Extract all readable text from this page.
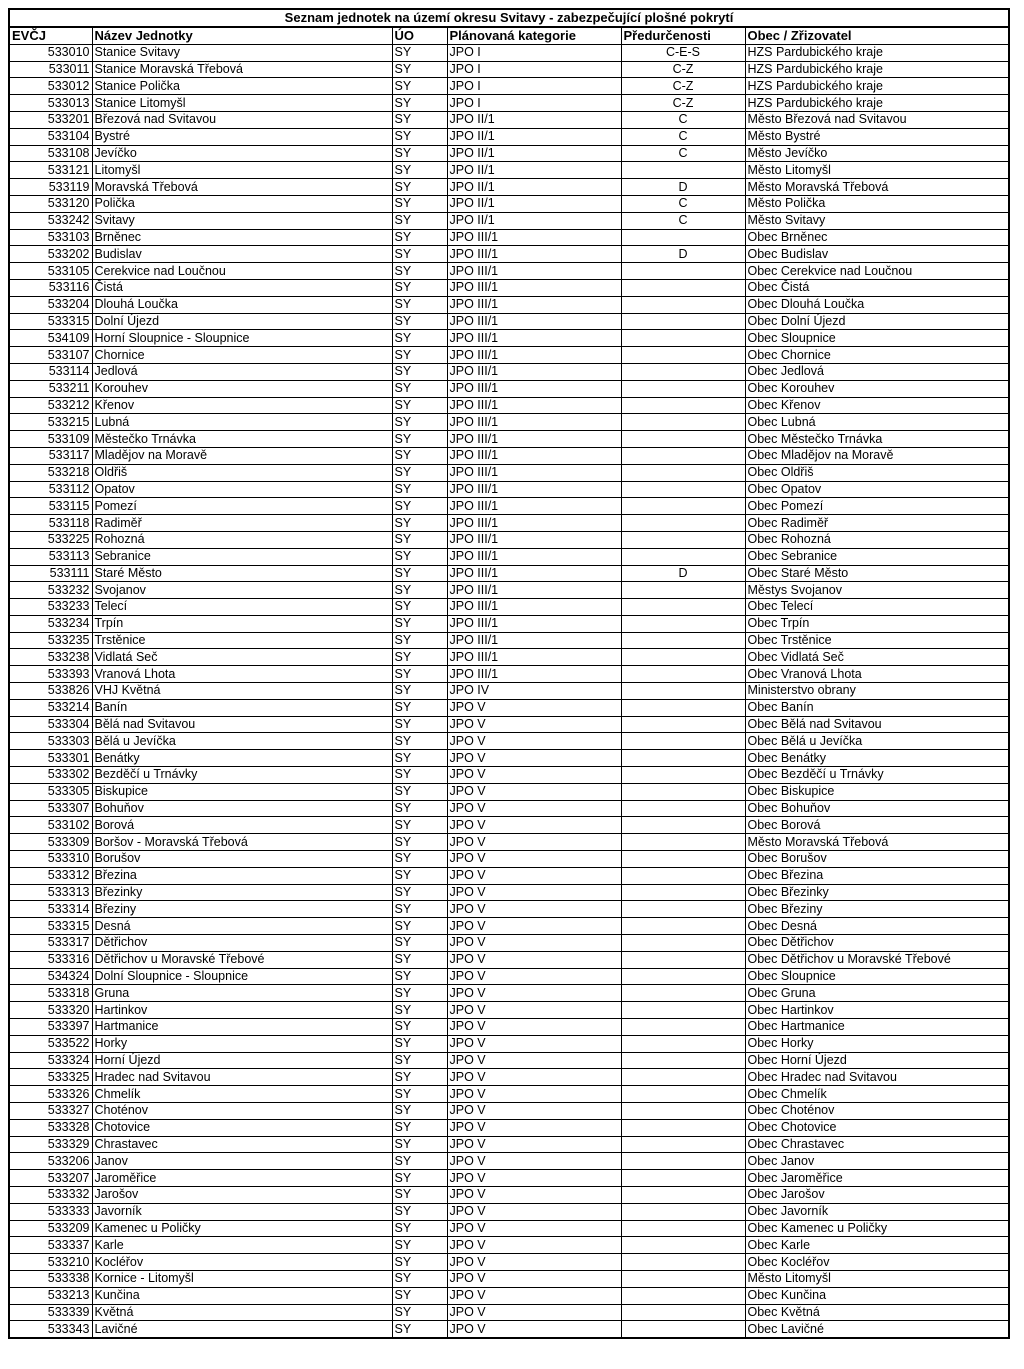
Seznam jednotek na území okresu Svitavy - zabezpečující plošné pokrytí
EVČJ	Název Jednotky	ÚO	Plánovaná kategorie	Předurčenosti	Obec / Zřizovatel
533010	Stanice Svitavy	SY	JPO I	C-E-S	HZS Pardubického kraje
533011	Stanice Moravská Třebová	SY	JPO I	C-Z	HZS Pardubického kraje
533012	Stanice Polička	SY	JPO I	C-Z	HZS Pardubického kraje
533013	Stanice Litomyšl	SY	JPO I	C-Z	HZS Pardubického kraje
533201	Březová nad Svitavou	SY	JPO II/1	C	Město Březová nad Svitavou
533104	Bystré	SY	JPO II/1	C	Město Bystré
533108	Jevíčko	SY	JPO II/1	C	Město Jevíčko
533121	Litomyšl	SY	JPO II/1		Město Litomyšl
533119	Moravská Třebová	SY	JPO II/1	D	Město Moravská Třebová
533120	Polička	SY	JPO II/1	C	Město Polička
533242	Svitavy	SY	JPO II/1	C	Město Svitavy
533103	Brněnec	SY	JPO III/1		Obec Brněnec
533202	Budislav	SY	JPO III/1	D	Obec Budislav
533105	Cerekvice nad Loučnou	SY	JPO III/1		Obec Cerekvice nad Loučnou
533116	Čistá	SY	JPO III/1		Obec Čistá
533204	Dlouhá Loučka	SY	JPO III/1		Obec Dlouhá Loučka
533315	Dolní Újezd	SY	JPO III/1		Obec Dolní Újezd
534109	Horní Sloupnice - Sloupnice	SY	JPO III/1		Obec Sloupnice
533107	Chornice	SY	JPO III/1		Obec Chornice
533114	Jedlová	SY	JPO III/1		Obec Jedlová
533211	Korouhev	SY	JPO III/1		Obec Korouhev
533212	Křenov	SY	JPO III/1		Obec Křenov
533215	Lubná	SY	JPO III/1		Obec Lubná
533109	Městečko Trnávka	SY	JPO III/1		Obec Městečko Trnávka
533117	Mladějov na Moravě	SY	JPO III/1		Obec Mladějov na Moravě
533218	Oldřiš	SY	JPO III/1		Obec Oldřiš
533112	Opatov	SY	JPO III/1		Obec Opatov
533115	Pomezí	SY	JPO III/1		Obec Pomezí
533118	Radiměř	SY	JPO III/1		Obec Radiměř
533225	Rohozná	SY	JPO III/1		Obec Rohozná
533113	Sebranice	SY	JPO III/1		Obec Sebranice
533111	Staré Město	SY	JPO III/1	D	Obec Staré Město
533232	Svojanov	SY	JPO III/1		Městys Svojanov
533233	Telecí	SY	JPO III/1		Obec Telecí
533234	Trpín	SY	JPO III/1		Obec Trpín
533235	Trstěnice	SY	JPO III/1		Obec Trstěnice
533238	Vidlatá Seč	SY	JPO III/1		Obec Vidlatá Seč
533393	Vranová Lhota	SY	JPO III/1		Obec Vranová Lhota
533826	VHJ Květná	SY	JPO IV		Ministerstvo obrany
533214	Banín	SY	JPO V		Obec Banín
533304	Bělá nad Svitavou	SY	JPO V		Obec Bělá nad Svitavou
533303	Bělá u Jevíčka	SY	JPO V		Obec Bělá u Jevíčka
533301	Benátky	SY	JPO V		Obec Benátky
533302	Bezděčí u Trnávky	SY	JPO V		Obec Bezděčí u Trnávky
533305	Biskupice	SY	JPO V		Obec Biskupice
533307	Bohuňov	SY	JPO V		Obec Bohuňov
533102	Borová	SY	JPO V		Obec Borová
533309	Boršov - Moravská Třebová	SY	JPO V		Město Moravská Třebová
533310	Borušov	SY	JPO V		Obec Borušov
533312	Březina	SY	JPO V		Obec Březina
533313	Březinky	SY	JPO V		Obec Březinky
533314	Březiny	SY	JPO V		Obec Březiny
533315	Desná	SY	JPO V		Obec Desná
533317	Dětřichov	SY	JPO V		Obec Dětřichov
533316	Dětřichov u Moravské Třebové	SY	JPO V		Obec Dětřichov u Moravské Třebové
534324	Dolní Sloupnice - Sloupnice	SY	JPO V		Obec Sloupnice
533318	Gruna	SY	JPO V		Obec Gruna
533320	Hartinkov	SY	JPO V		Obec Hartinkov
533397	Hartmanice	SY	JPO V		Obec Hartmanice
533522	Horky	SY	JPO V		Obec Horky
533324	Horní Újezd	SY	JPO V		Obec Horní Újezd
533325	Hradec nad Svitavou	SY	JPO V		Obec Hradec nad Svitavou
533326	Chmelík	SY	JPO V		Obec Chmelík
533327	Choténov	SY	JPO V		Obec Choténov
533328	Chotovice	SY	JPO V		Obec Chotovice
533329	Chrastavec	SY	JPO V		Obec Chrastavec
533206	Janov	SY	JPO V		Obec Janov
533207	Jaroměřice	SY	JPO V		Obec Jaroměřice
533332	Jarošov	SY	JPO V		Obec Jarošov
533333	Javorník	SY	JPO V		Obec Javorník
533209	Kamenec u Poličky	SY	JPO V		Obec Kamenec u Poličky
533337	Karle	SY	JPO V		Obec Karle
533210	Kocléřov	SY	JPO V		Obec Kocléřov
533338	Kornice - Litomyšl	SY	JPO V		Město Litomyšl
533213	Kunčina	SY	JPO V		Obec Kunčina
533339	Květná	SY	JPO V		Obec Květná
533343	Lavičné	SY	JPO V		Obec Lavičné
